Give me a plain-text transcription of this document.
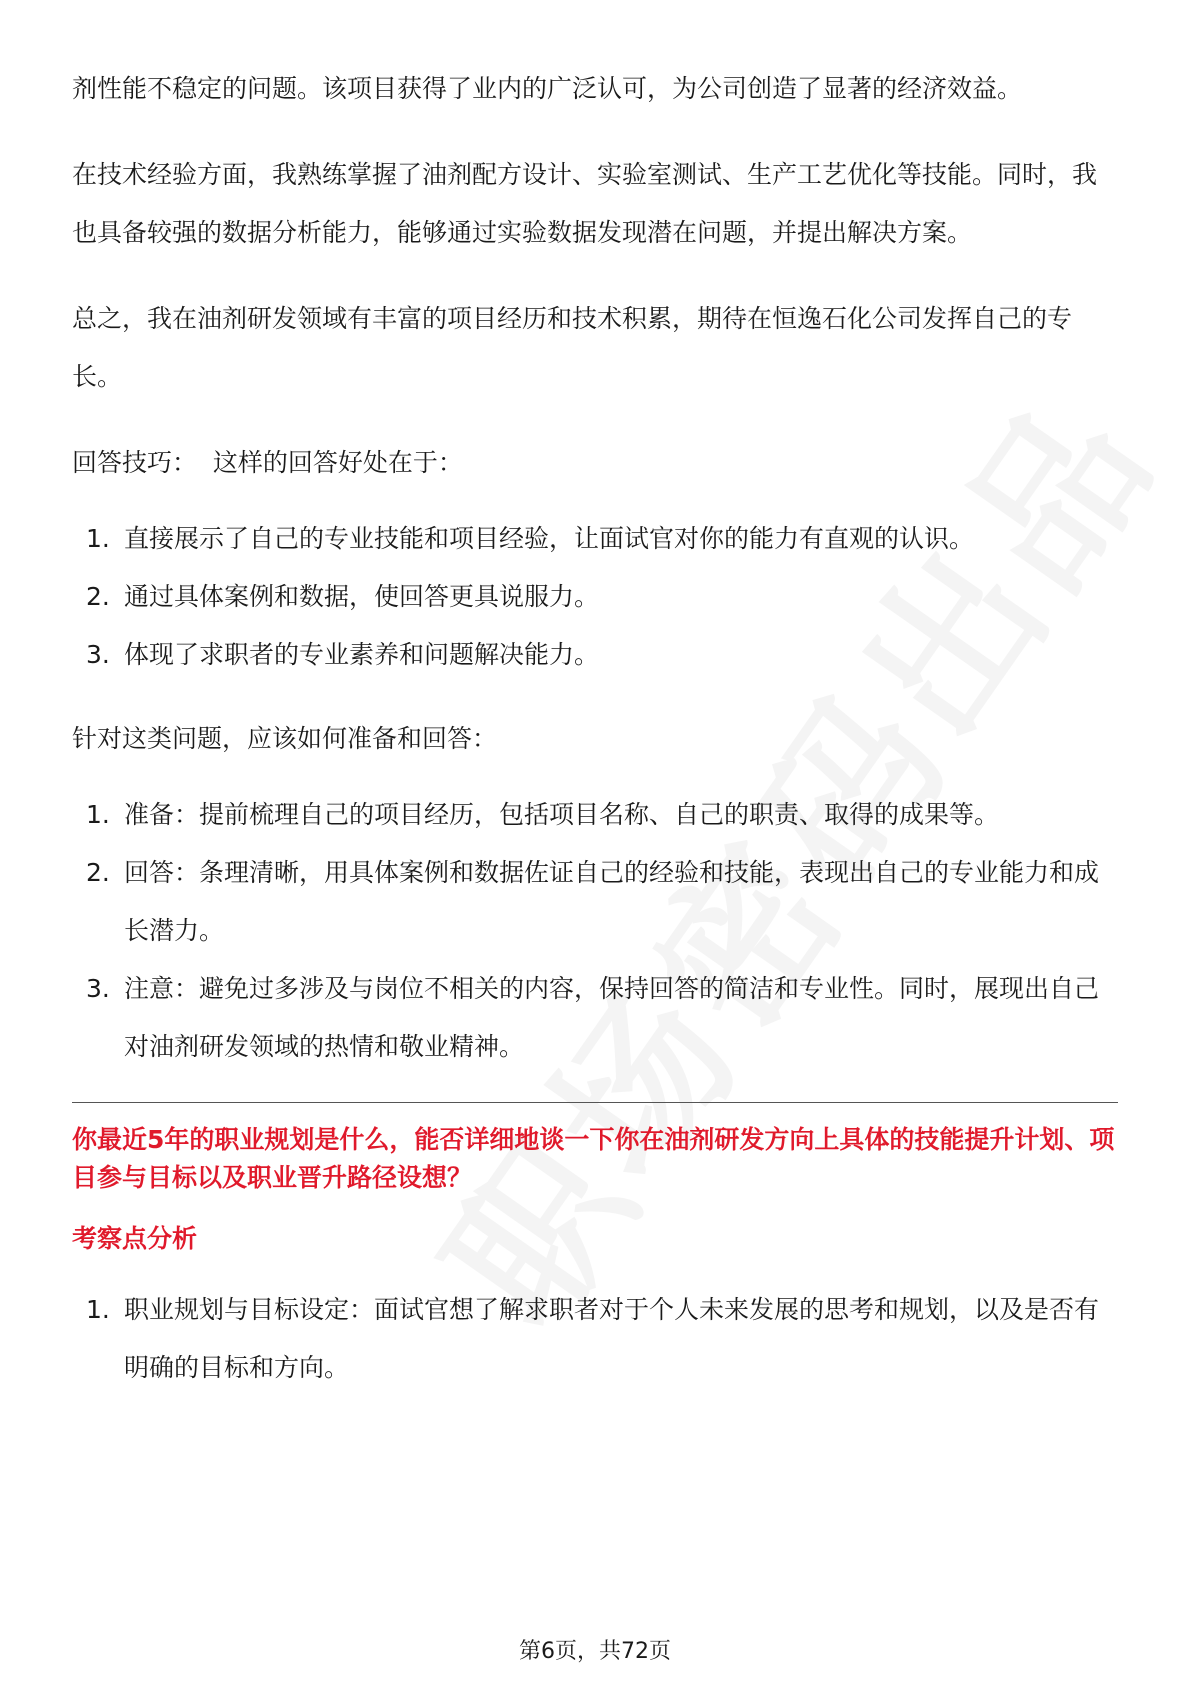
剂性能不稳定的问题。该项目获得了业内的广泛认可，为公司创造了显著的经济效益。

在技术经验方面，我熟练掌握了油剂配方设计、实验室测试、生产工艺优化等技能。同时，我也具备较强的数据分析能力，能够通过实验数据发现潜在问题，并提出解决方案。

总之，我在油剂研发领域有丰富的项目经历和技术积累，期待在恒逸石化公司发挥自己的专长。

回答技巧：  这样的回答好处在于：

1. 直接展示了自己的专业技能和项目经验，让面试官对你的能力有直观的认识。
2. 通过具体案例和数据，使回答更具说服力。
3. 体现了求职者的专业素养和问题解决能力。

针对这类问题，应该如何准备和回答：

1. 准备：提前梳理自己的项目经历，包括项目名称、自己的职责、取得的成果等。
2. 回答：条理清晰，用具体案例和数据佐证自己的经验和技能，表现出自己的专业能力和成长潜力。
3. 注意：避免过多涉及与岗位不相关的内容，保持回答的简洁和专业性。同时，展现出自己对油剂研发领域的热情和敬业精神。
你最近5年的职业规划是什么，能否详细地谈一下你在油剂研发方向上具体的技能提升计划、项目参与目标以及职业晋升路径设想？
考察点分析
1. 职业规划与目标设定：面试官想了解求职者对于个人未来发展的思考和规划，以及是否有明确的目标和方向。
第6页，共72页
